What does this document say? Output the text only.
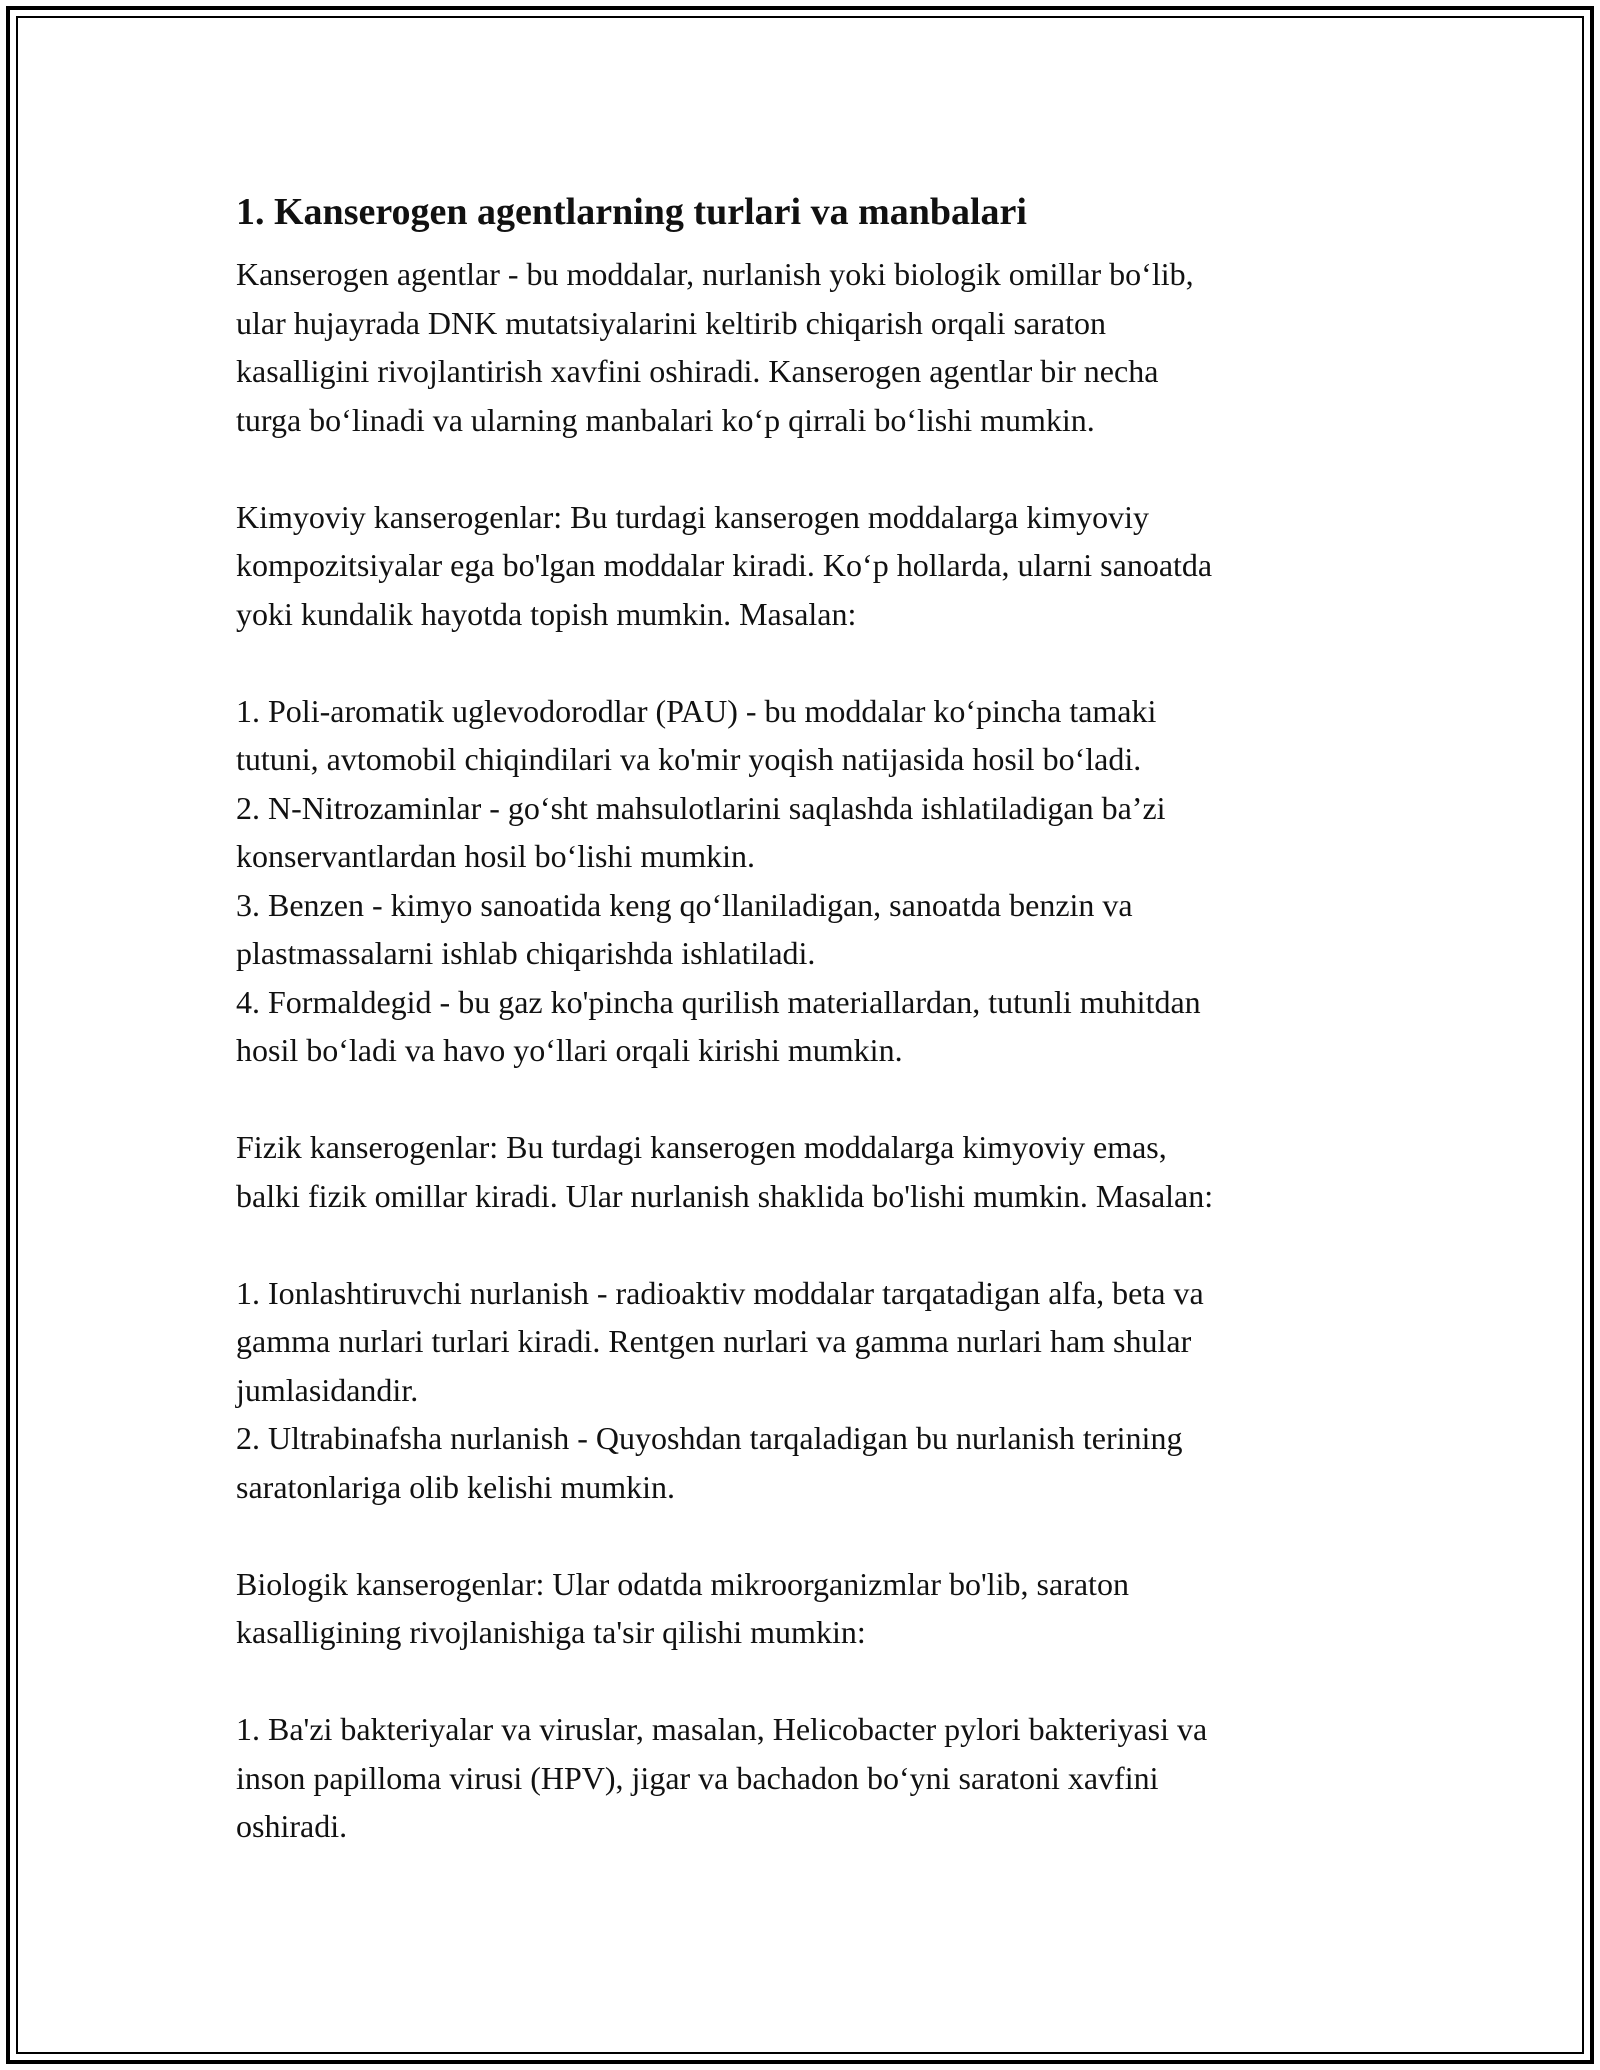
1. Kanserogen agentlarning turlari va manbalari

Kanserogen agentlar - bu moddalar, nurlanish yoki biologik omillar bo‘lib,
ular hujayrada DNK mutatsiyalarini keltirib chiqarish orqali saraton
kasalligini rivojlantirish xavfini oshiradi. Kanserogen agentlar bir necha
turga bo‘linadi va ularning manbalari ko‘p qirrali bo‘lishi mumkin.

Kimyoviy kanserogenlar: Bu turdagi kanserogen moddalarga kimyoviy
kompozitsiyalar ega bo'lgan moddalar kiradi. Ko‘p hollarda, ularni sanoatda
yoki kundalik hayotda topish mumkin. Masalan:

1. Poli-aromatik uglevodorodlar (PAU) - bu moddalar ko‘pincha tamaki
tutuni, avtomobil chiqindilari va ko'mir yoqish natijasida hosil bo‘ladi.
2. N-Nitrozaminlar - go‘sht mahsulotlarini saqlashda ishlatiladigan ba’zi
konservantlardan hosil bo‘lishi mumkin.
3. Benzen - kimyo sanoatida keng qo‘llaniladigan, sanoatda benzin va
plastmassalarni ishlab chiqarishda ishlatiladi.
4. Formaldegid - bu gaz ko'pincha qurilish materiallardan, tutunli muhitdan
hosil bo‘ladi va havo yo‘llari orqali kirishi mumkin.

Fizik kanserogenlar: Bu turdagi kanserogen moddalarga kimyoviy emas,
balki fizik omillar kiradi. Ular nurlanish shaklida bo'lishi mumkin. Masalan:

1. Ionlashtiruvchi nurlanish - radioaktiv moddalar tarqatadigan alfa, beta va
gamma nurlari turlari kiradi. Rentgen nurlari va gamma nurlari ham shular
jumlasidandir.
2. Ultrabinafsha nurlanish - Quyoshdan tarqaladigan bu nurlanish terining
saratonlariga olib kelishi mumkin.

Biologik kanserogenlar: Ular odatda mikroorganizmlar bo'lib, saraton
kasalligining rivojlanishiga ta'sir qilishi mumkin:

1. Ba'zi bakteriyalar va viruslar, masalan, Helicobacter pylori bakteriyasi va
inson papilloma virusi (HPV), jigar va bachadon bo‘yni saratoni xavfini
oshiradi.
